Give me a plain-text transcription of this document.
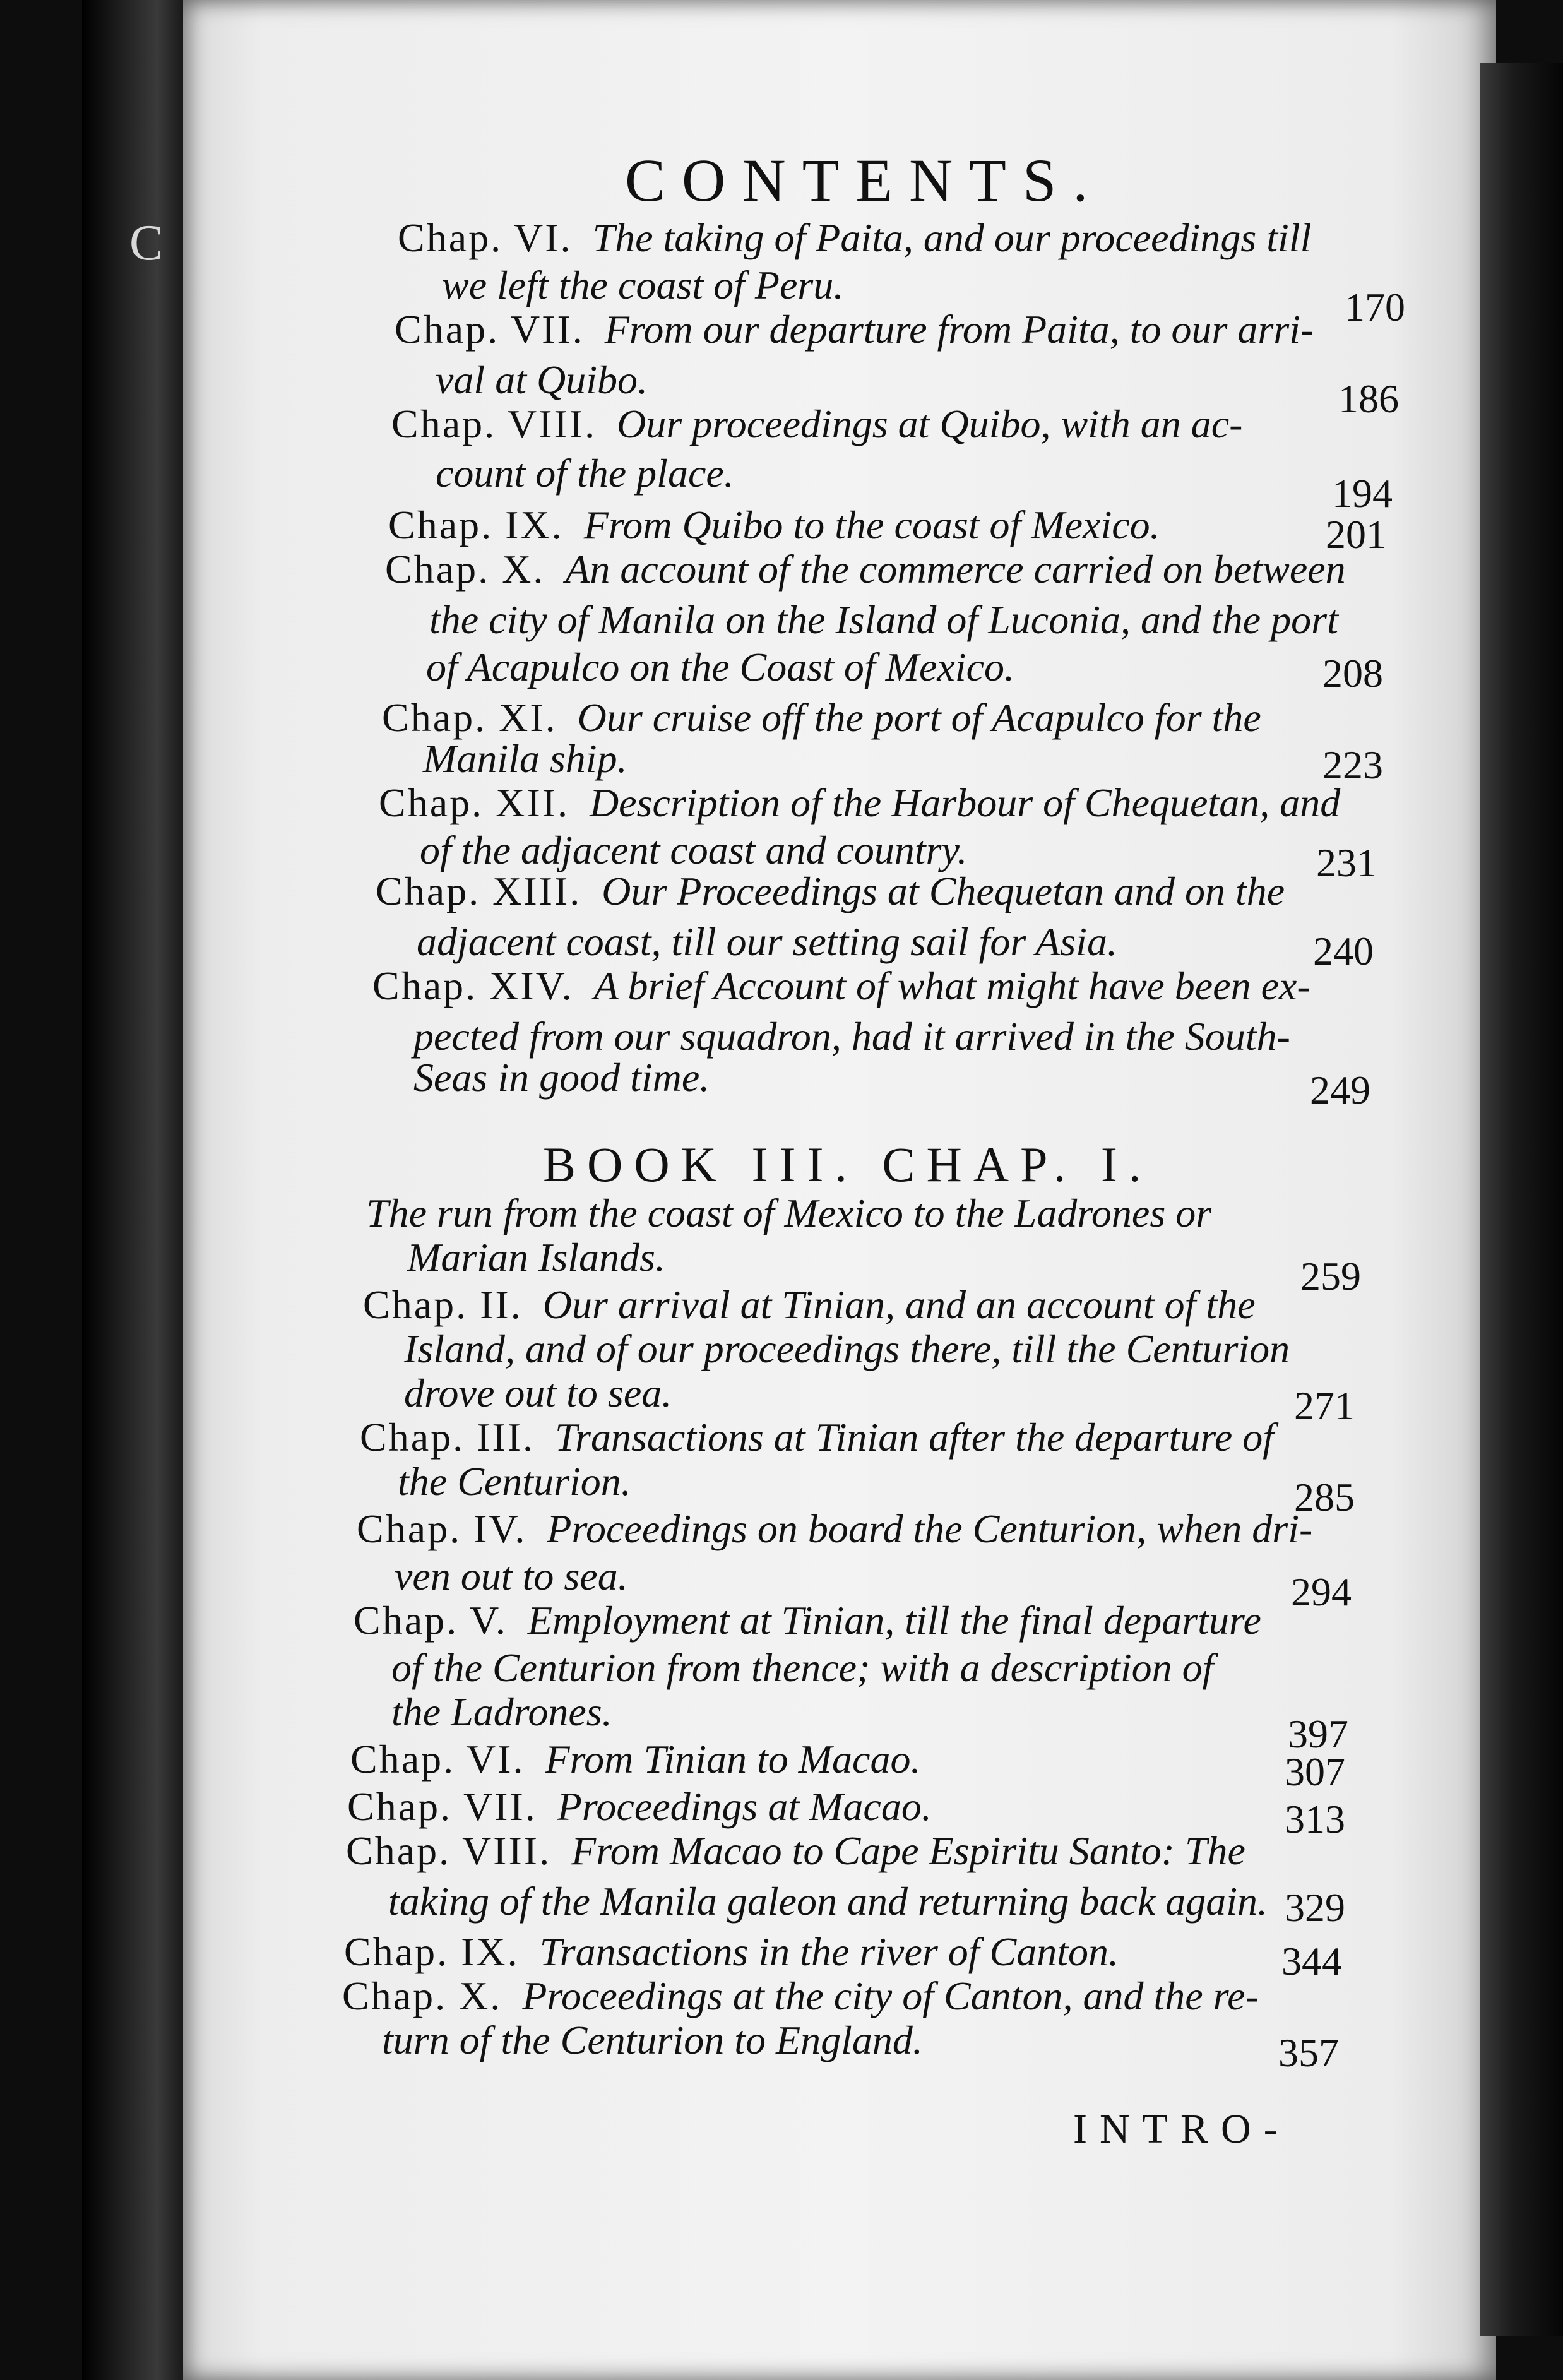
C
CONTENTS.
Chap. VI. The taking of Paita, and our proceedings till
we left the coast of Peru.	170
Chap. VII. From our departure from Paita, to our arri-
val at Quibo.	186
Chap. VIII. Our proceedings at Quibo, with an ac-
count of the place.	194
Chap. IX. From Quibo to the coast of Mexico.	201
Chap. X. An account of the commerce carried on between
the city of Manila on the Island of Luconia, and the port
of Acapulco on the Coast of Mexico.	208
Chap. XI. Our cruise off the port of Acapulco for the
Manila ship.	223
Chap. XII. Description of the Harbour of Chequetan, and
of the adjacent coast and country.	231
Chap. XIII. Our Proceedings at Chequetan and on the
adjacent coast, till our setting sail for Asia.	240
Chap. XIV. A brief Account of what might have been ex-
pected from our squadron, had it arrived in the South-
Seas in good time.	249
BOOK III. CHAP. I.
The run from the coast of Mexico to the Ladrones or
Marian Islands.	259
Chap. II. Our arrival at Tinian, and an account of the
Island, and of our proceedings there, till the Centurion
drove out to sea.	271
Chap. III. Transactions at Tinian after the departure of
the Centurion.	285
Chap. IV. Proceedings on board the Centurion, when dri-
ven out to sea.	294
Chap. V. Employment at Tinian, till the final departure
of the Centurion from thence; with a description of
the Ladrones.	397
Chap. VI. From Tinian to Macao.	307
Chap. VII. Proceedings at Macao.	313
Chap. VIII. From Macao to Cape Espiritu Santo: The
taking of the Manila galeon and returning back again. 329
Chap. IX. Transactions in the river of Canton.	344
Chap. X. Proceedings at the city of Canton, and the re-
turn of the Centurion to England.	357
INTRO-
